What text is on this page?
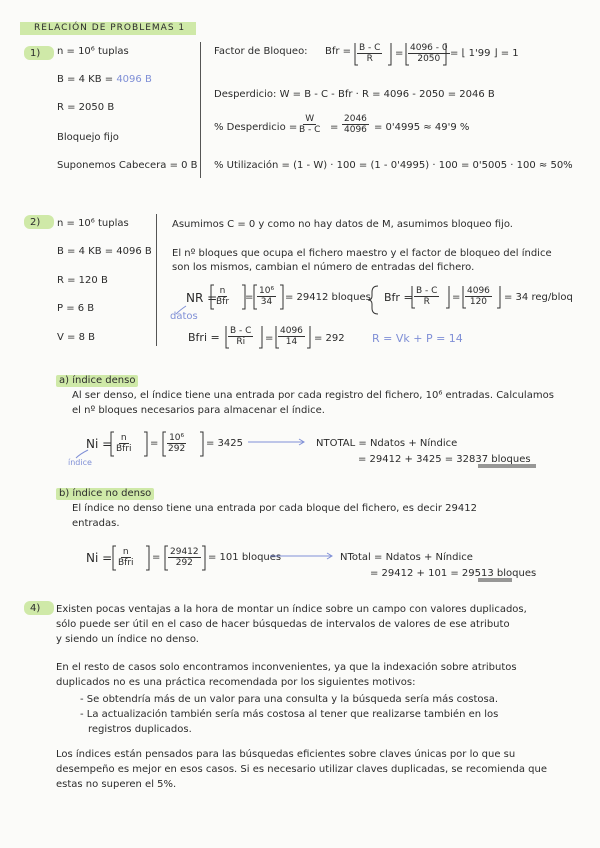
RELACIÓN DE PROBLEMAS 1
1) n = 10⁶ tuplas
B = 4 KB = 4096 B
R = 2050 B
Bloquejo fijo
Suponemos Cabecera = 0 B
Factor de Bloqueo: Bfr = $\frac{B - C}{R} = \frac{4096 - 0}{2050}$ = ⌊ 1'99 ⌋ = 1
Desperdicio: W = B - C - Bfr · R = 4096 - 2050 = 2046 B
% Desperdicio = $\frac{W}{B - C} = \frac{2046}{4096} = 0'4995 \approx 49'9$ %
% Utilización = (1 - W) · 100 = (1 - 0'4995) · 100 = 0'5005 · 100 ≈ 50%
2) n = 10⁶ tuplas
B = 4 KB = 4096 B
R = 120 B
P = 6 B
V = 8 B
Asumimos C = 0 y como no hay datos de M, asumimos bloqueo fijo.
El nº bloques que ocupa el fichero maestro y el factor de bloqueo del índice
son los mismos, cambian el número de entradas del fichero.
NR = n
Bfr = $\frac{\text{10⁶}}{34} = 29412$ bloques
datos
Bfr = $\frac{B - C}{R} = \frac{4096}{120} = 34$ reg/bloq
Bfri = $\frac{B - C}{Ri} = \frac{4096}{14} = 292$ R = Vk + P = 14
a) índice denso
Al ser denso, el índice tiene una entrada por cada registro del fichero, 10⁶ entradas. Calculamos
el nº bloques necesarios para almacenar el índice.
Ni = n
Bfri = $\frac{\text{10⁶}}{292} = 3425$
índice
NTOTAL = Ndatos + Níndice
= 29412 + 3425 = 32837 bloques
b) índice no denso
El índice no denso tiene una entrada por cada bloque del fichero, es decir 29412
entradas.
Ni = n
Bfri = $\frac{29412}{292} = 101$ bloques	NTotal = Ndatos + Níndice
= 29412 + 101 = 29513 bloques
4) Existen pocas ventajas a la hora de montar un índice sobre un campo con valores duplicados,
sólo puede ser útil en el caso de hacer búsquedas de intervalos de valores de ese atributo
y siendo un índice no denso.
En el resto de casos solo encontramos inconvenientes, ya que la indexación sobre atributos
duplicados no es una práctica recomendada por los siguientes motivos:
- Se obtendría más de un valor para una consulta y la búsqueda sería más costosa.
- La actualización también sería más costosa al tener que realizarse también en los
registros duplicados.
Los índices están pensados para las búsquedas eficientes sobre claves únicas por lo que su
desempeño es mejor en esos casos. Si es necesario utilizar claves duplicadas, se recomienda que
estas no superen el 5%.
